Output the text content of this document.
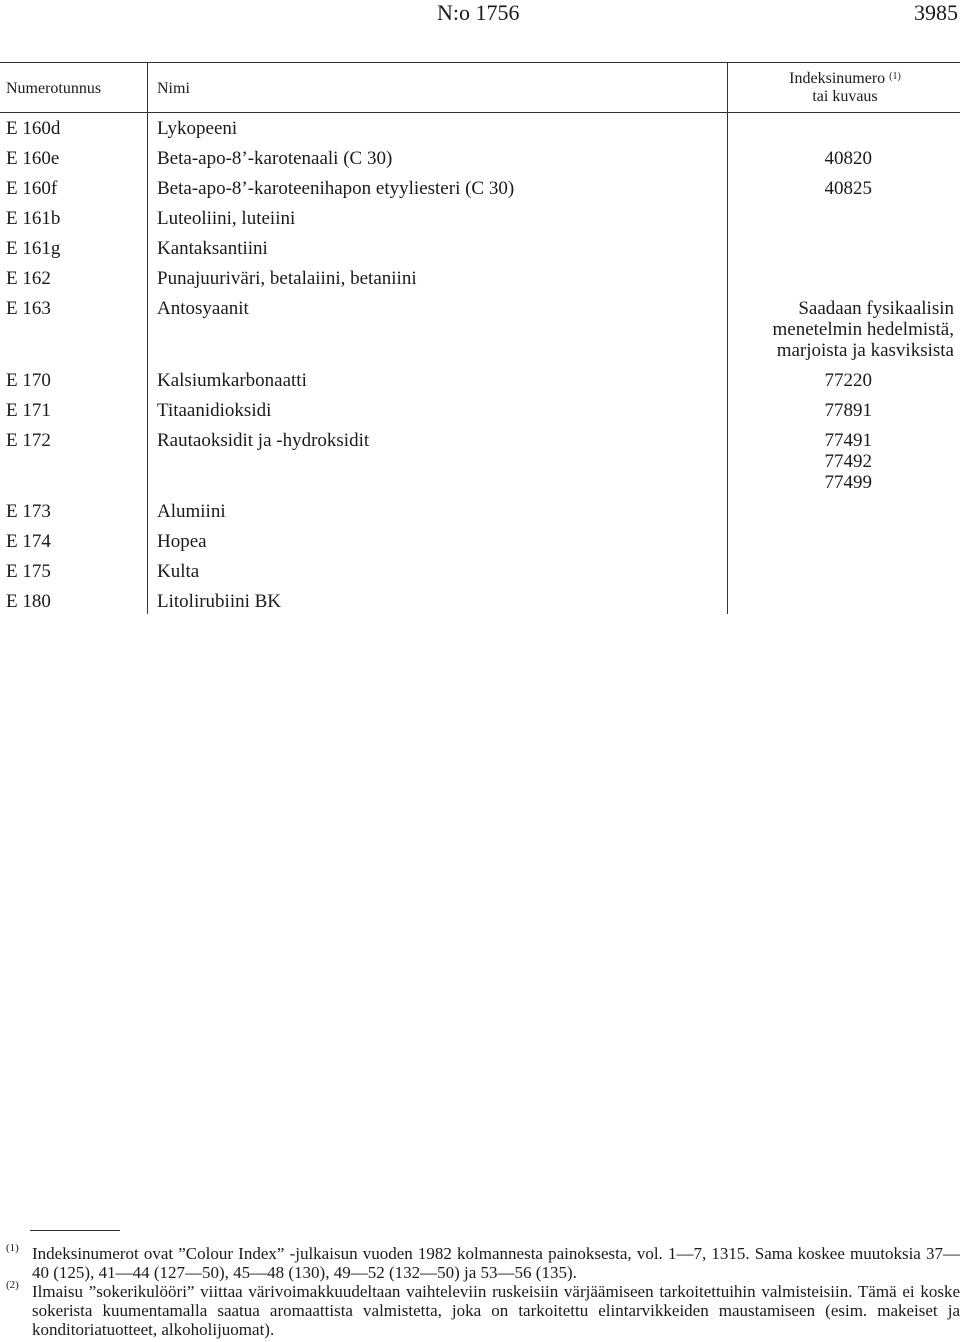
N:o 1756	3985
Numerotunnus	Nimi
Indeksinumero $^{(1)}$
tai kuvaus
E 160d	Lykopeeni
E 160e	Beta-apo-8’-karotenaali (C 30)	40820
E 160f	Beta-apo-8’-karoteenihapon etyyliesteri (C 30)	40825
E 161b	Luteoliini, luteiini
E 161g	Kantaksantiini
E 162	Punajuuriväri, betalaiini, betaniini
E 163	Antosyaanit	Saadaan fysikaalisin
menetelmin hedelmistä,
marjoista ja kasviksista
E 170	Kalsiumkarbonaatti	77220
E 171	Titaanidioksidi	77891
E 172	Rautaoksidit ja -hydroksidit	77491
77492
77499
E 173	Alumiini
E 174	Hopea
E 175	Kulta
E 180	Litolirubiini BK
(1) Indeksinumerot ovat ”Colour Index” -julkaisun vuoden 1982 kolmannesta painoksesta, vol. 1—7, 1315. Sama koskee muutoksia 37—40 (125), 41—44 (127—50), 45—48 (130), 49—52 (132—50) ja 53—56 (135).
(2) Ilmaisu ”sokerikulööri” viittaa värivoimakkuudeltaan vaihteleviin ruskeisiin värjäämiseen tarkoitettuihin valmisteisiin. Tämä ei koske sokerista kuumentamalla saatua aromaattista valmistetta, joka on tarkoitettu elintarvikkeiden maustamiseen (esim. makeiset ja konditoriatuotteet, alkoholijuomat).
